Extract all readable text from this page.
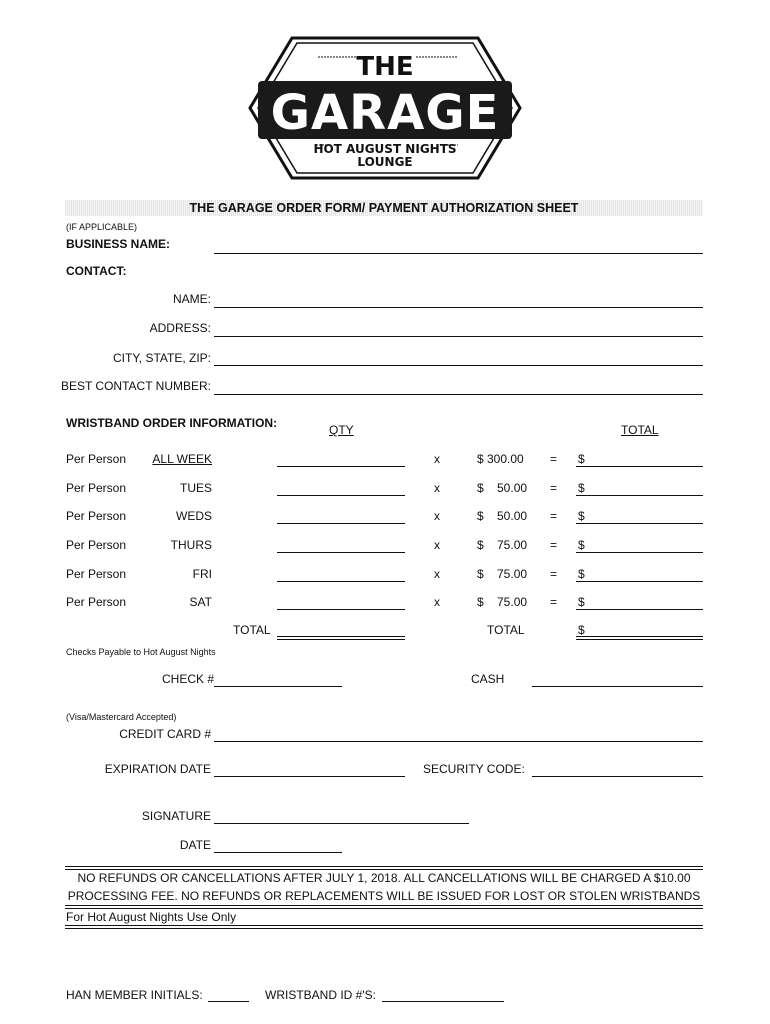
THE
GARAGE
HOT AUGUST NIGHTS
LOUNGE
THE GARAGE ORDER FORM/ PAYMENT AUTHORIZATION SHEET
(IF APPLICABLE)
BUSINESS NAME:
CONTACT:
NAME:
ADDRESS:
CITY, STATE, ZIP:
BEST CONTACT NUMBER:
WRISTBAND ORDER INFORMATION:	QTY	TOTAL
Per Person	ALL WEEK	x	$ 300.00 = $
Per Person	TUES	x	$    50.00 = $
Per Person	WEDS	x	$    50.00 = $
Per Person	THURS	x	$    75.00 = $
Per Person	FRI	x	$    75.00 = $
Per Person	SAT	x	$    75.00 = $
TOTAL	TOTAL	$
Checks Payable to Hot August Nights
CHECK #	CASH
(Visa/Mastercard Accepted)
CREDIT CARD #
EXPIRATION DATE	SECURITY CODE:
SIGNATURE
DATE
NO REFUNDS OR CANCELLATIONS AFTER JULY 1, 2018. ALL CANCELLATIONS WILL BE CHARGED A $10.00
PROCESSING FEE. NO REFUNDS OR REPLACEMENTS WILL BE ISSUED FOR LOST OR STOLEN WRISTBANDS
For Hot August Nights Use Only
HAN MEMBER INITIALS:	WRISTBAND ID #'S:
